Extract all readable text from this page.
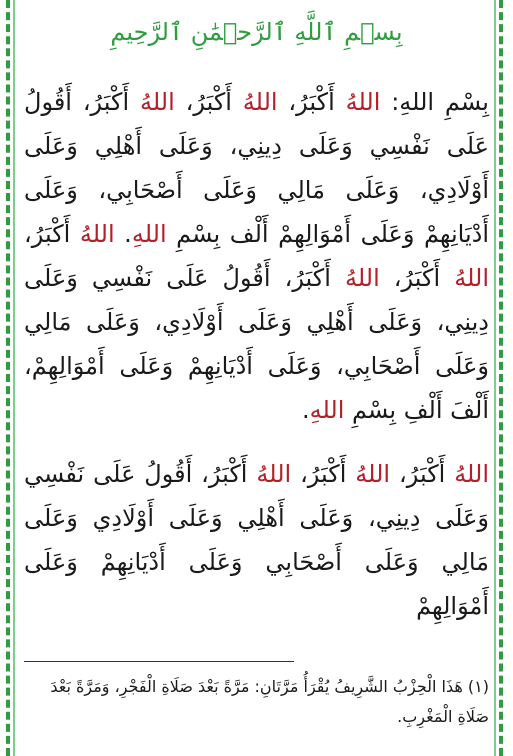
بِسۡمِ ٱللَّهِ ٱلرَّحۡمَٰنِ ٱلرَّحِيمِ
بِسْمِ اللهِ: اللهُ أَكْبَرُ، اللهُ أَكْبَرُ، اللهُ أَكْبَرُ، أَقُولُ عَلَى نَفْسِي وَعَلَى دِينِي، وَعَلَى أَهْلِي وَعَلَى أَوْلَادِي، وَعَلَى مَالِي وَعَلَى أَصْحَابِي، وَعَلَى أَدْيَانِهِمْ وَعَلَى أَمْوَالِهِمْ أَلْف بِسْمِ اللهِ. اللهُ أَكْبَرُ، اللهُ أَكْبَرُ، اللهُ أَكْبَرُ، أَقُولُ عَلَى نَفْسِي وَعَلَى دِينِي، وَعَلَى أَهْلِي وَعَلَى أَوْلَادِي، وَعَلَى مَالِي وَعَلَى أَصْحَابِي، وَعَلَى أَدْيَانِهِمْ وَعَلَى أَمْوَالِهِمْ، أَلْفَ أَلْفِ بِسْمِ اللهِ.
اللهُ أَكْبَرُ، اللهُ أَكْبَرُ، اللهُ أَكْبَرُ، أَقُولُ عَلَى نَفْسِي وَعَلَى دِينِي، وَعَلَى أَهْلِي وَعَلَى أَوْلَادِي وَعَلَى مَالِي وَعَلَى أَصْحَابِي وَعَلَى أَدْيَانِهِمْ وَعَلَى أَمْوَالِهِمْ
(١) هَذَا الْحِزْبُ الشَّرِيفُ يُقْرَأُ مَرَّتَانِ: مَرَّةً بَعْدَ صَلَاةِ الْفَجْرِ، وَمَرَّةً بَعْدَ صَلَاةِ الْمَغْرِبِ.
